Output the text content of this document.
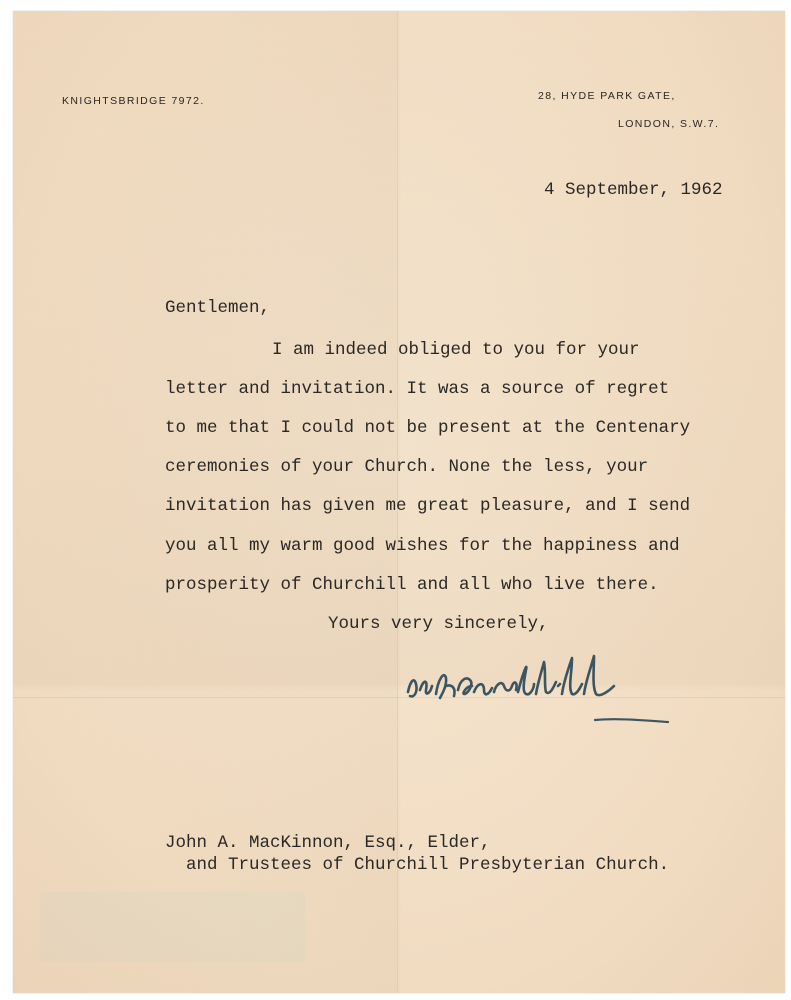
KNIGHTSBRIDGE 7972.	28, HYDE PARK GATE,
LONDON, S.W.7.
4 September, 1962
Gentlemen,
I am indeed obliged to you for your
letter and invitation. It was a source of regret
to me that I could not be present at the Centenary
ceremonies of your Church. None the less, your
invitation has given me great pleasure, and I send
you all my warm good wishes for the happiness and
prosperity of Churchill and all who live there.
Yours very sincerely,
John A. MacKinnon, Esq., Elder,
and Trustees of Churchill Presbyterian Church.
